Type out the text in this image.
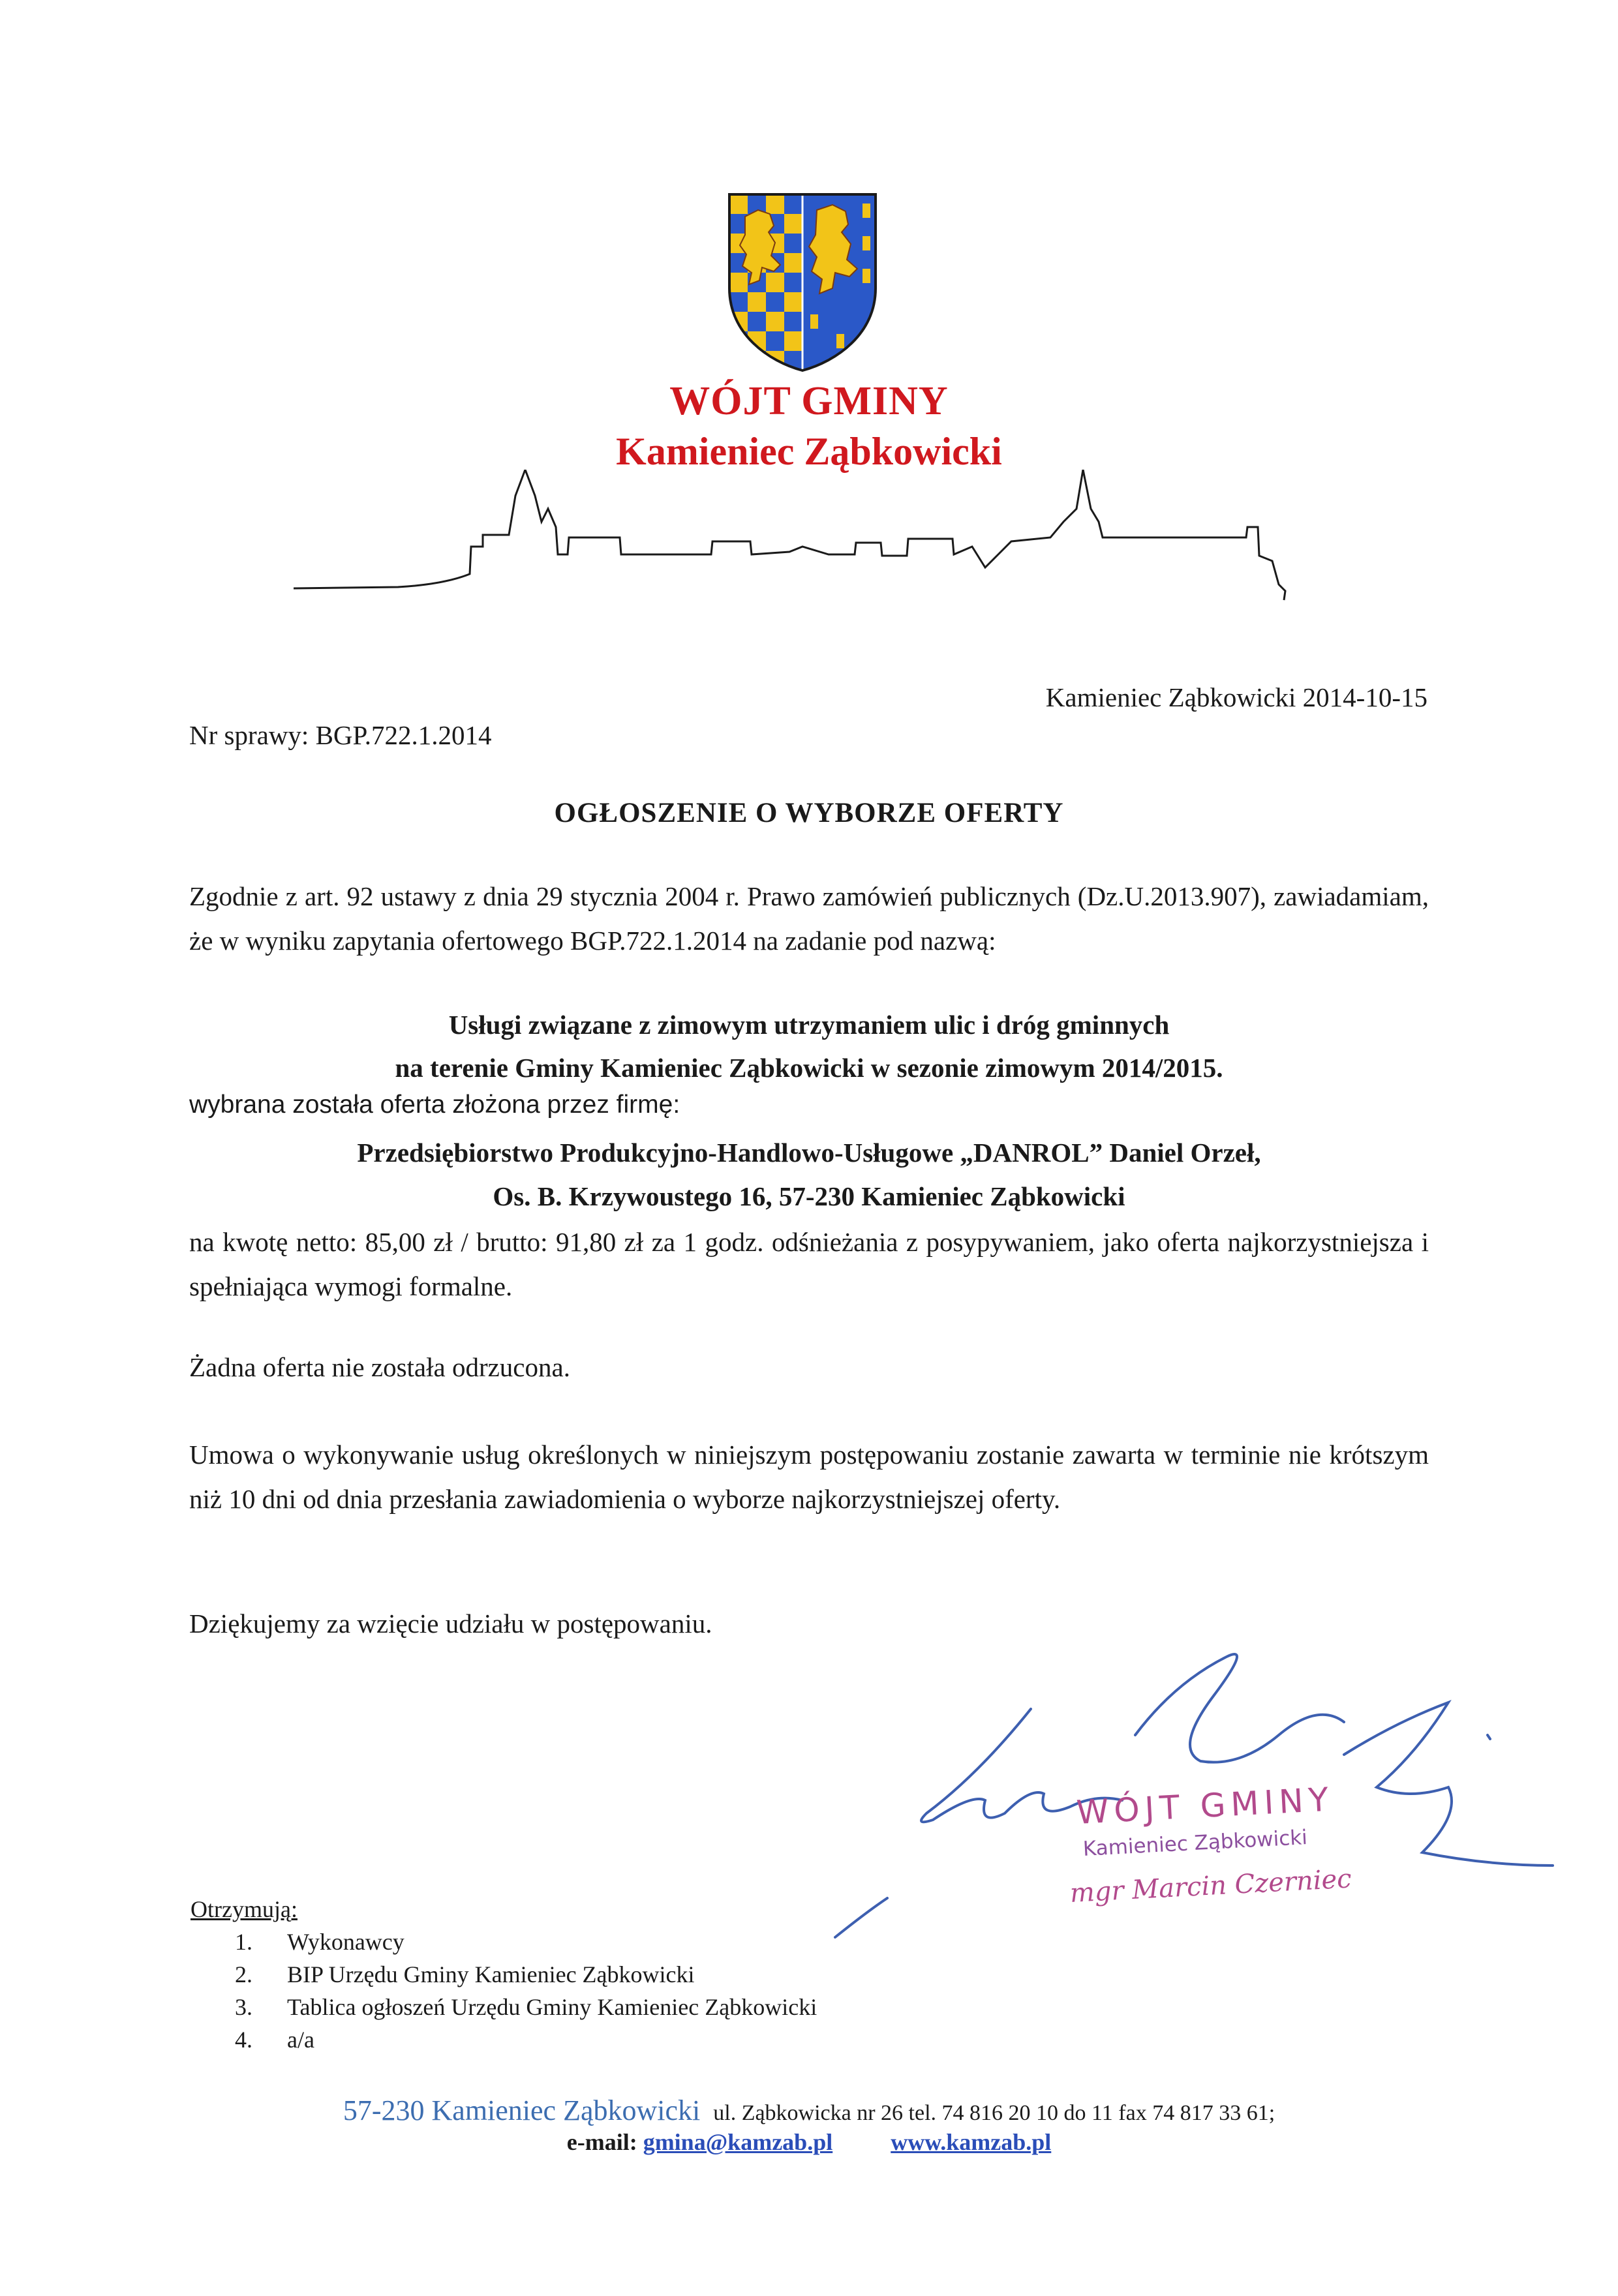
WÓJT GMINY
Kamieniec Ząbkowicki
Kamieniec Ząbkowicki 2014-10-15
Nr sprawy: BGP.722.1.2014
OGŁOSZENIE O WYBORZE OFERTY
Zgodnie z art. 92 ustawy z dnia 29 stycznia 2004 r. Prawo zamówień publicznych (Dz.U.2013.907), zawiadamiam, że w wyniku zapytania ofertowego BGP.722.1.2014 na zadanie pod nazwą:
Usługi związane z zimowym utrzymaniem ulic i dróg gminnych
na terenie Gminy Kamieniec Ząbkowicki w sezonie zimowym 2014/2015.
wybrana została oferta złożona przez firmę:
Przedsiębiorstwo Produkcyjno-Handlowo-Usługowe „DANROL” Daniel Orzeł,
Os. B. Krzywoustego 16, 57-230 Kamieniec Ząbkowicki
na kwotę netto: 85,00 zł / brutto: 91,80 zł za 1 godz. odśnieżania z posypywaniem, jako oferta najkorzystniejsza i spełniająca wymogi formalne.
Żadna oferta nie została odrzucona.
Umowa o wykonywanie usług określonych w niniejszym postępowaniu zostanie zawarta w terminie nie krótszym niż 10 dni od dnia przesłania zawiadomienia o wyborze najkorzystniejszej oferty.
Dziękujemy za wzięcie udziału w postępowaniu.
WÓJT GMINY
Kamieniec Ząbkowicki
mgr Marcin Czerniec
Otrzymują:
1.	Wykonawcy
2.	BIP Urzędu Gminy Kamieniec Ząbkowicki
3.	Tablica ogłoszeń Urzędu Gminy Kamieniec Ząbkowicki
4.	a/a
57-230 Kamieniec Ząbkowicki ul. Ząbkowicka nr 26 tel. 74 816 20 10 do 11 fax 74 817 33 61;
e-mail: gmina@kamzab.pl www.kamzab.pl
